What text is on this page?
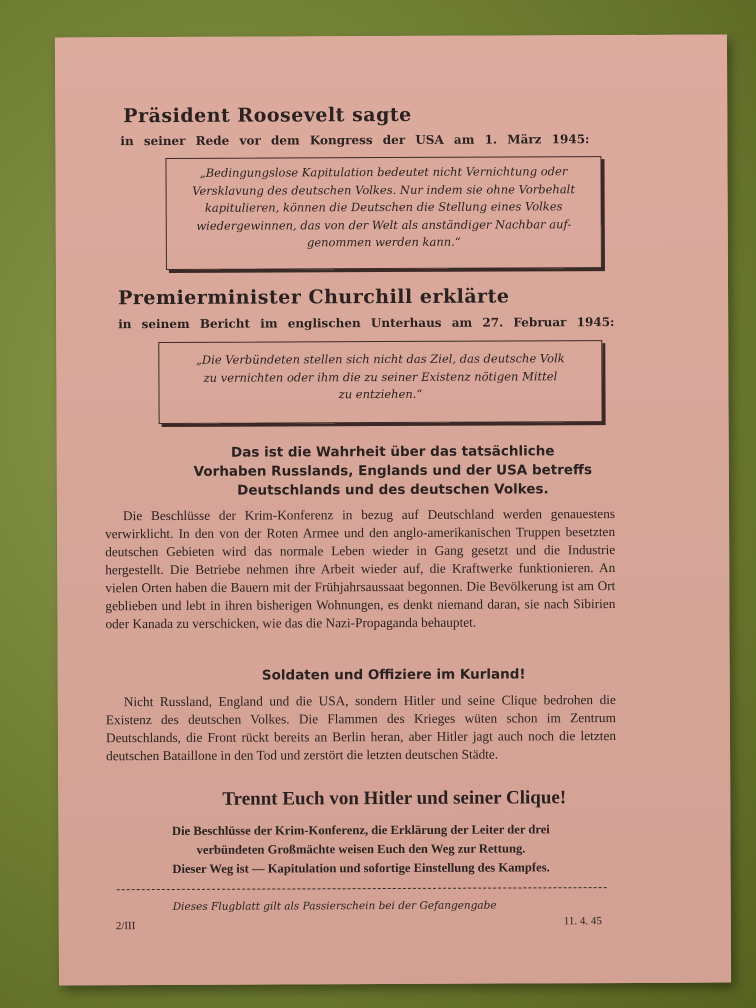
Präsident Roosevelt sagte
in seiner Rede vor dem Kongress der USA am 1. März 1945:
„Bedingungslose Kapitulation bedeutet nicht Vernichtung oder
Versklavung des deutschen Volkes. Nur indem sie ohne Vorbehalt
kapitulieren, können die Deutschen die Stellung eines Volkes
wiedergewinnen, das von der Welt als anständiger Nachbar auf-
genommen werden kann.“
Premierminister Churchill erklärte
in seinem Bericht im englischen Unterhaus am 27. Februar 1945:
„Die Verbündeten stellen sich nicht das Ziel, das deutsche Volk
zu vernichten oder ihm die zu seiner Existenz nötigen Mittel
zu entziehen.“
Das ist die Wahrheit über das tatsächliche
Vorhaben Russlands, Englands und der USA betreffs
Deutschlands und des deutschen Volkes.

Die Beschlüsse der Krim-Konferenz in bezug auf Deutschland werden genauestens verwirklicht. In den von der Roten Armee und den anglo-amerikanischen Truppen besetzten deutschen Gebieten wird das normale Leben wieder in Gang gesetzt und die Industrie hergestellt. Die Betriebe nehmen ihre Arbeit wieder auf, die Kraftwerke funktionieren. An vielen Orten haben die Bauern mit der Frühjahrsaussaat begonnen. Die Bevölkerung ist am Ort geblieben und lebt in ihren bisherigen Wohnungen, es denkt niemand daran, sie nach Sibirien oder Kanada zu verschicken, wie das die Nazi-Propaganda behauptet.

Soldaten und Offiziere im Kurland!

Nicht Russland, England und die USA, sondern Hitler und seine Clique bedrohen die Existenz des deutschen Volkes. Die Flammen des Krieges wüten schon im Zentrum Deutschlands, die Front rückt bereits an Berlin heran, aber Hitler jagt auch noch die letzten deutschen Bataillone in den Tod und zerstört die letzten deutschen Städte.

Trennt Euch von Hitler und seiner Clique!
Die Beschlüsse der Krim-Konferenz, die Erklärung der Leiter der drei
verbündeten Großmächte weisen Euch den Weg zur Rettung.
Dieser Weg ist — Kapitulation und sofortige Einstellung des Kampfes.
Dieses Flugblatt gilt als Passierschein bei der Gefangengabe
2/III	11. 4. 45
